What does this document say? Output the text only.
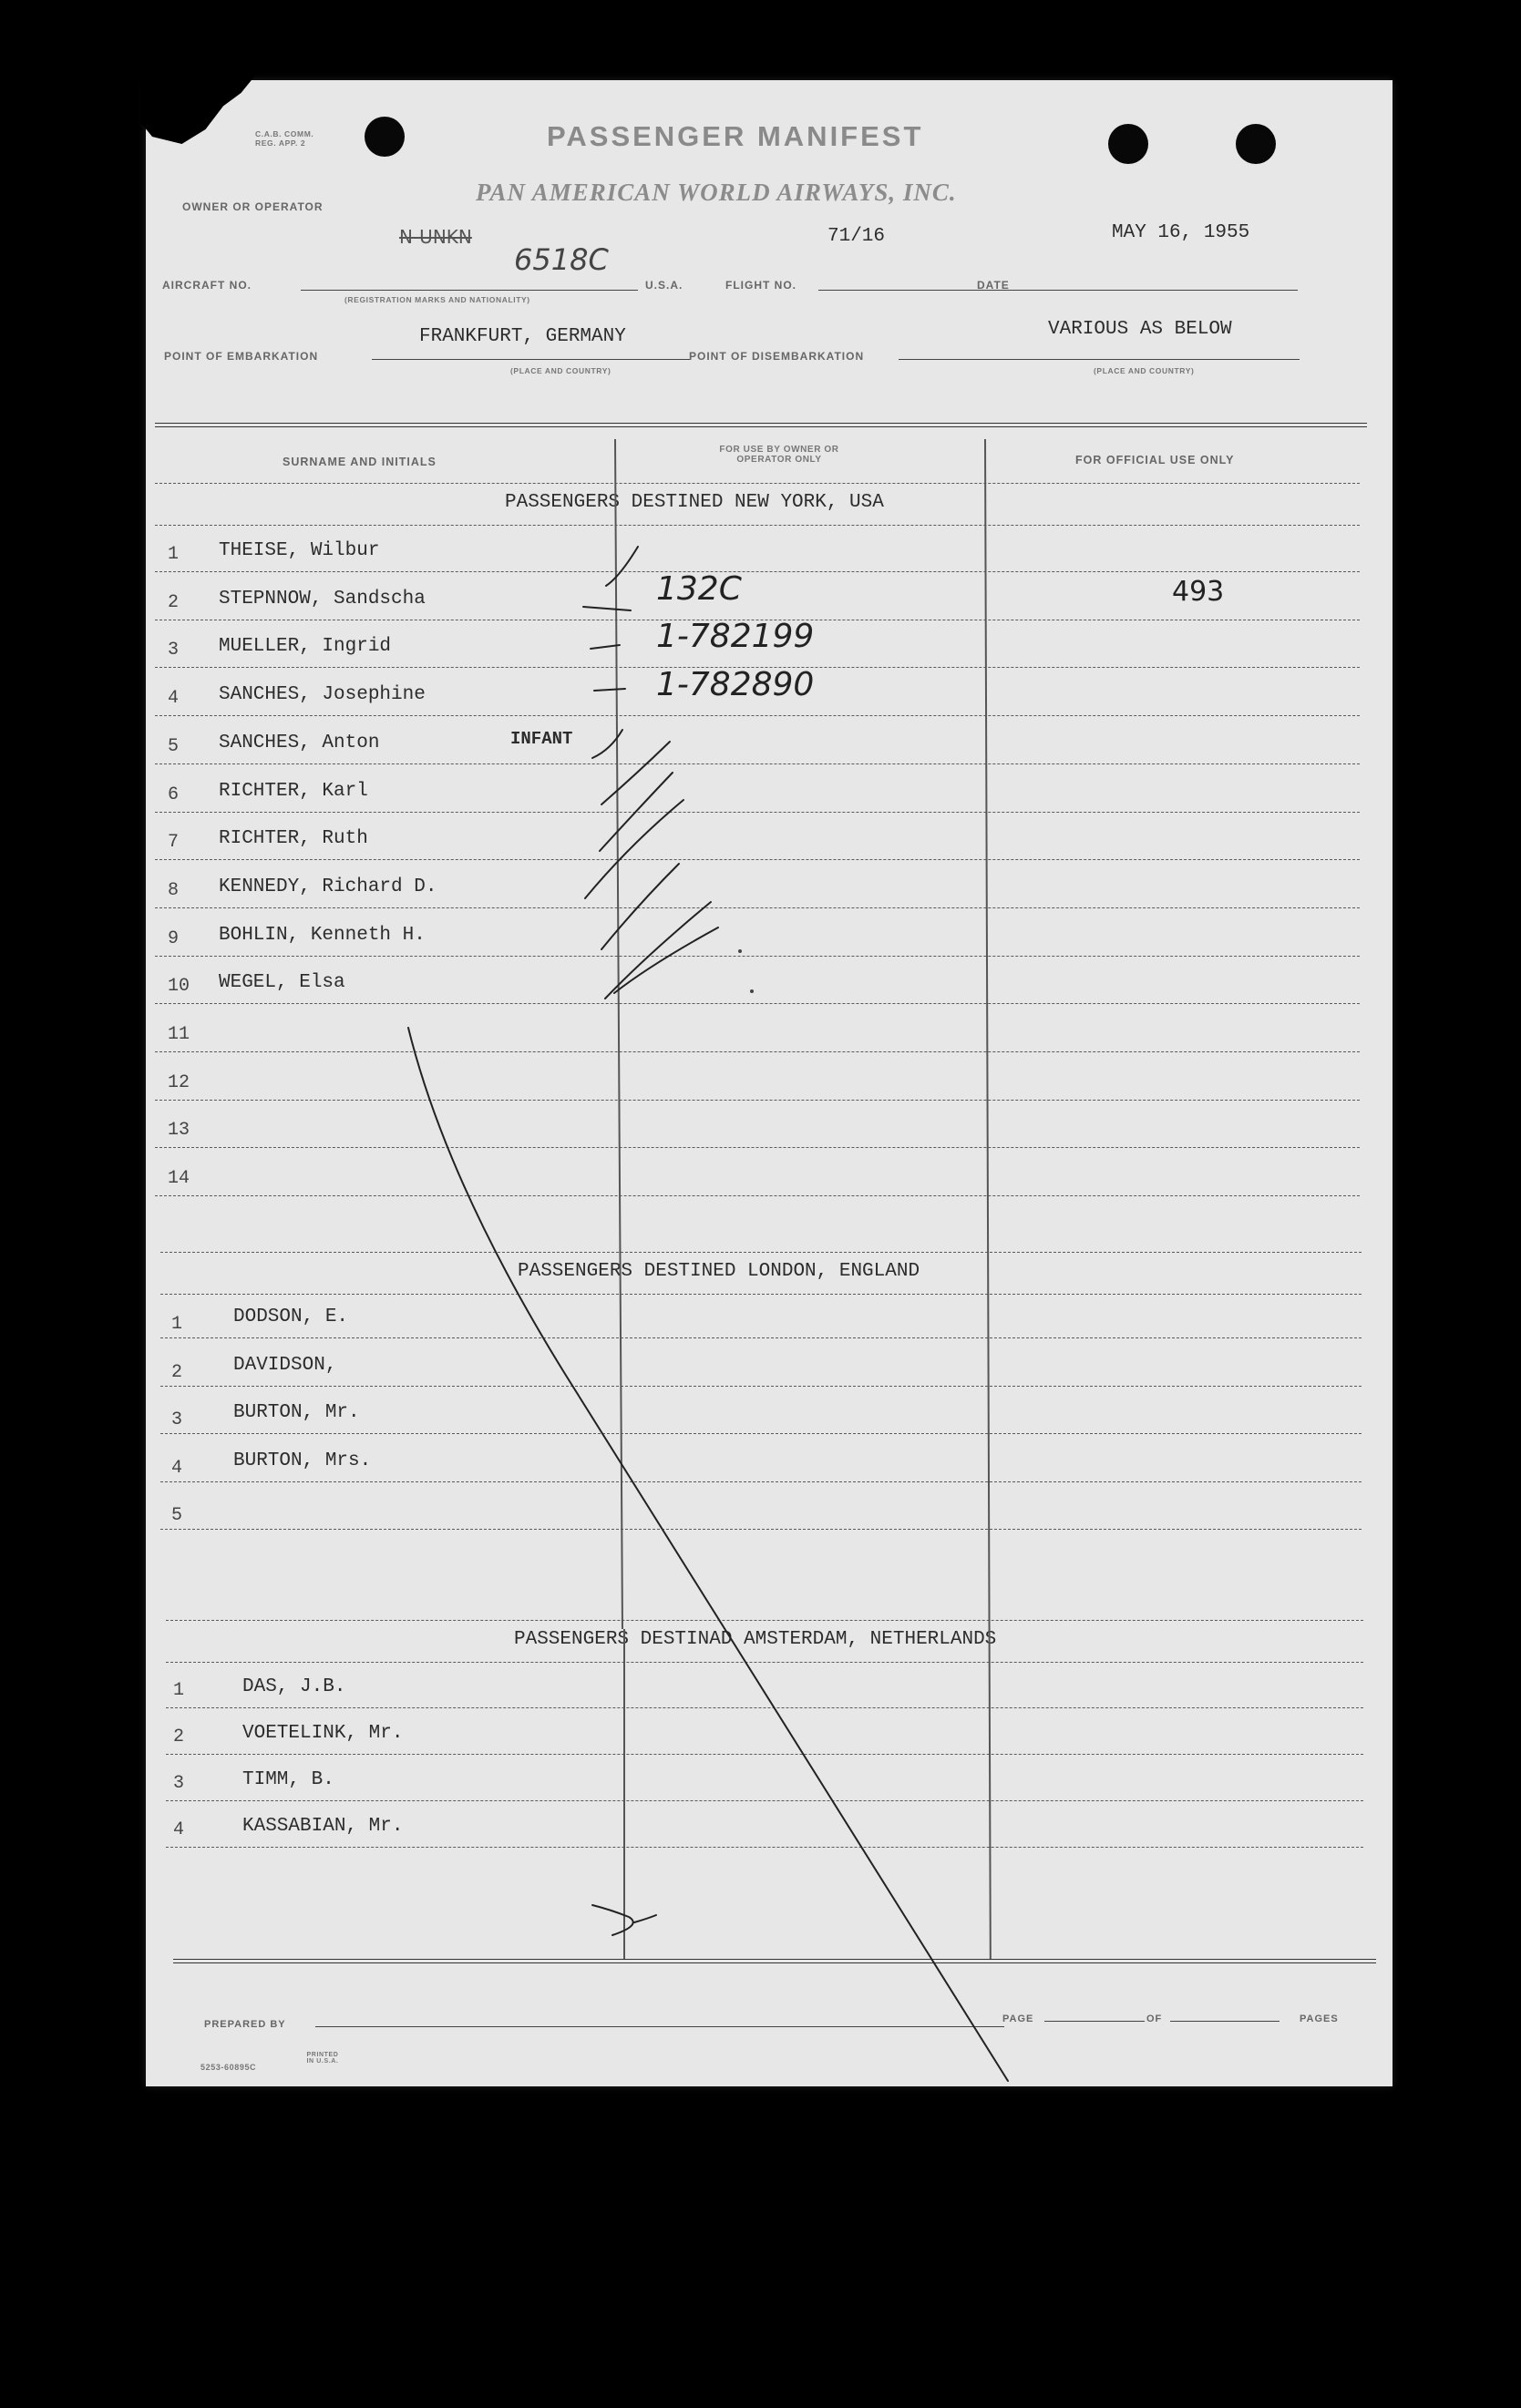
C.A.B. COMM. REG. APP. 2	PASSENGER MANIFEST
OWNER OR OPERATOR
PAN AMERICAN WORLD AIRWAYS, INC.
AIRCRAFT NO.
N-UNKN
6518C
(REGISTRATION MARKS AND NATIONALITY)
U.S.A.	FLIGHT NO.
71/16
DATE
MAY 16, 1955
POINT OF EMBARKATION
FRANKFURT, GERMANY
(PLACE AND COUNTRY)
POINT OF DISEMBARKATION
VARIOUS AS BELOW
(PLACE AND COUNTRY)
SURNAME AND INITIALS
FOR USE BY OWNER OR OPERATOR ONLY	FOR OFFICIAL USE ONLY
PASSENGERS DESTINED NEW YORK, USA
1 THEISE, Wilbur
2 STEPNNOW, Sandscha	132C	493
3 MUELLER, Ingrid	1-782199
4 SANCHES, Josephine	1-782890
5 SANCHES, Anton	INFANT
6 RICHTER, Karl
7 RICHTER, Ruth
8 KENNEDY, Richard D.
9 BOHLIN, Kenneth H.
10 WEGEL, Elsa
11
12
13
14
PASSENGERS DESTINED LONDON, ENGLAND
1	DODSON, E.
2	DAVIDSON,
3	BURTON, Mr.
4	BURTON, Mrs.
5
PASSENGERS DESTINAD AMSTERDAM, NETHERLANDS
1	DAS, J.B.
2	VOETELINK, Mr.
3	TIMM, B.
4	KASSABIAN, Mr.
PREPARED BY	PAGE	OF	PAGES
5253-60895C
PRINTED IN U.S.A.
